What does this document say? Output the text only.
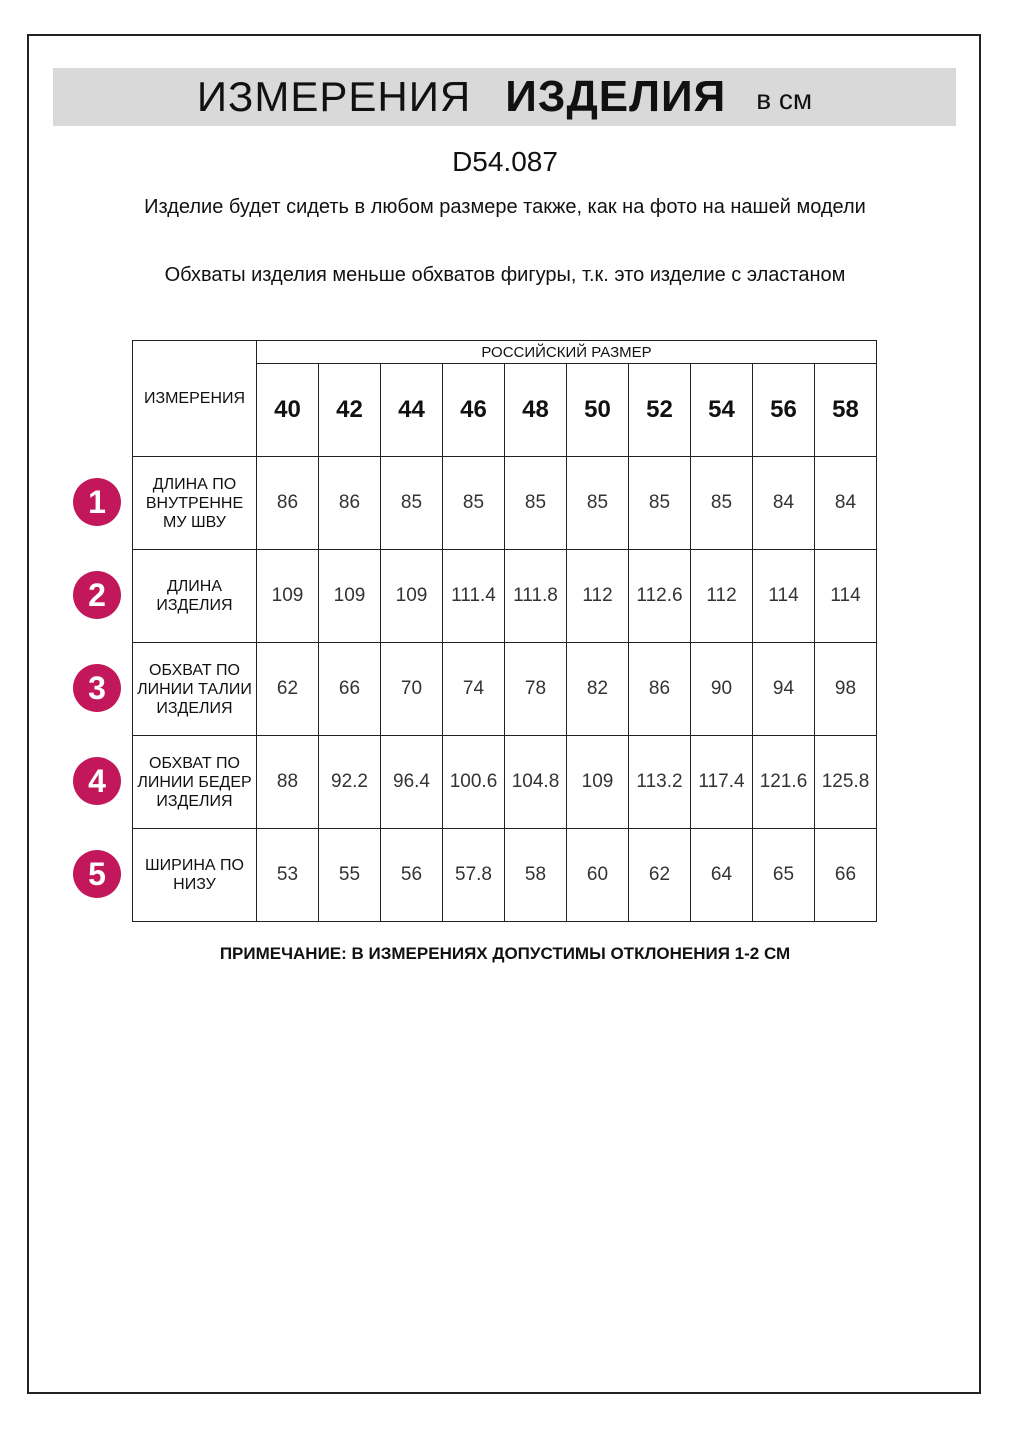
ИЗМЕРЕНИЯ ИЗДЕЛИЯ в см
D54.087
Изделие будет сидеть в любом размере также, как на фото на нашей модели
Обхваты изделия меньше обхватов фигуры, т.к. это изделие с эластаном
ИЗМЕРЕНИЯ	РОССИЙСКИЙ РАЗМЕР									
	40	42	44	46	48	50	52	54	56	58
ДЛИНА ПО ВНУТРЕННЕ МУ ШВУ	86	86	85	85	85	85	85	85	84	84
ДЛИНА ИЗДЕЛИЯ	109	109	109	111.4	111.8	112	112.6	112	114	114
ОБХВАТ ПО ЛИНИИ ТАЛИИ ИЗДЕЛИЯ	62	66	70	74	78	82	86	90	94	98
ОБХВАТ ПО ЛИНИИ БЕДЕР ИЗДЕЛИЯ	88	92.2	96.4	100.6	104.8	109	113.2	117.4	121.6	125.8
ШИРИНА ПО НИЗУ	53	55	56	57.8	58	60	62	64	65	66
1
2
3
4
5
ПРИМЕЧАНИЕ: В ИЗМЕРЕНИЯХ ДОПУСТИМЫ ОТКЛОНЕНИЯ 1-2 СМ
